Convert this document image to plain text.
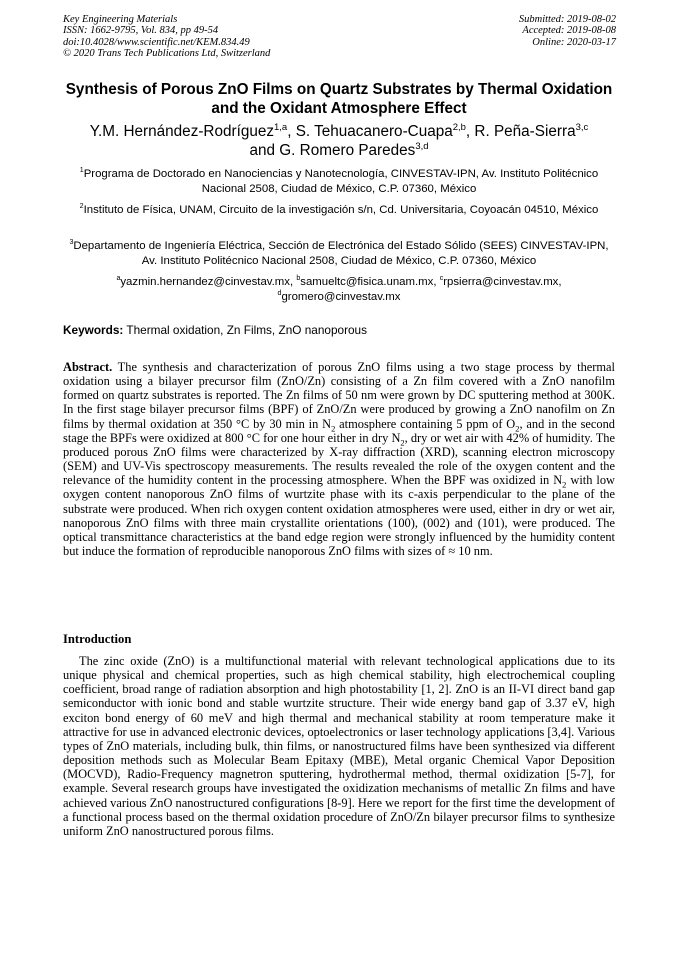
Key Engineering Materials
ISSN: 1662-9795, Vol. 834, pp 49-54
doi:10.4028/www.scientific.net/KEM.834.49
© 2020 Trans Tech Publications Ltd, Switzerland
Submitted: 2019-08-02
Accepted: 2019-08-08
Online: 2020-03-17
Synthesis of Porous ZnO Films on Quartz Substrates by Thermal Oxidation and the Oxidant Atmosphere Effect
Y.M. Hernández-Rodríguez$^{1,a}$, S. Tehuacanero-Cuapa$^{2,b}$, R. Peña-Sierra$^{3,c}$
and G. Romero Paredes$^{3,d}$
$^1$Programa de Doctorado en Nanociencias y Nanotecnología, CINVESTAV-IPN, Av. Instituto Politécnico Nacional 2508, Ciudad de México, C.P. 07360, México
$^2$Instituto de Física, UNAM, Circuito de la investigación s/n, Cd. Universitaria, Coyoacán 04510, México
$^3$Departamento de Ingeniería Eléctrica, Sección de Electrónica del Estado Sólido (SEES) CINVESTAV-IPN, Av. Instituto Politécnico Nacional 2508, Ciudad de México, C.P. 07360, México
$^a$yazmin.hernandez@cinvestav.mx, $^b$samueltc@fisica.unam.mx, $^c$rpsierra@cinvestav.mx,
$^d$gromero@cinvestav.mx
Keywords: Thermal oxidation, Zn Films, ZnO nanoporous
Abstract. The synthesis and characterization of porous ZnO films using a two stage process by thermal oxidation using a bilayer precursor film (ZnO/Zn) consisting of a Zn film covered with a ZnO nanofilm formed on quartz substrates is reported. The Zn films of 50 nm were grown by DC sputtering method at 300K. In the first stage bilayer precursor films (BPF) of ZnO/Zn were produced by growing a ZnO nanofilm on Zn films by thermal oxidation at 350 °C by 30 min in $N_2$ atmosphere containing 5 ppm of $O_2$, and in the second stage the BPFs were oxidized at 800 °C for one hour either in dry $N_2$, dry or wet air with 42% of humidity. The produced porous ZnO films were characterized by X-ray diffraction (XRD), scanning electron microscopy (SEM) and UV-Vis spectroscopy measurements. The results revealed the role of the oxygen content and the relevance of the humidity content in the processing atmosphere. When the BPF was oxidized in $N_2$ with low oxygen content nanoporous ZnO films of wurtzite phase with its c-axis perpendicular to the plane of the substrate were produced. When rich oxygen content oxidation atmospheres were used, either in dry or wet air, nanoporous ZnO films with three main crystallite orientations (100), (002) and (101), were produced. The optical transmittance characteristics at the band edge region were strongly influenced by the humidity content but induce the formation of reproducible nanoporous ZnO films with sizes of ≈ 10 nm.
Introduction
The zinc oxide (ZnO) is a multifunctional material with relevant technological applications due to its unique physical and chemical properties, such as high chemical stability, high electrochemical coupling coefficient, broad range of radiation absorption and high photostability [1, 2]. ZnO is an II-VI direct band gap semiconductor with ionic bond and stable wurtzite structure. Their wide energy band gap of 3.37 eV, high exciton bond energy of 60 meV and high thermal and mechanical stability at room temperature make it attractive for use in advanced electronic devices, optoelectronics or laser technology applications [3,4]. Various types of ZnO materials, including bulk, thin films, or nanostructured films have been synthesized via different deposition methods such as Molecular Beam Epitaxy (MBE), Metal organic Chemical Vapor Deposition (MOCVD), Radio-Frequency magnetron sputtering, hydrothermal method, thermal oxidization [5-7], for example. Several research groups have investigated the oxidization mechanisms of metallic Zn films and have achieved various ZnO nanostructured configurations [8-9]. Here we report for the first time the development of a functional process based on the thermal oxidation procedure of ZnO/Zn bilayer precursor films to synthesize uniform ZnO nanostructured porous films.
